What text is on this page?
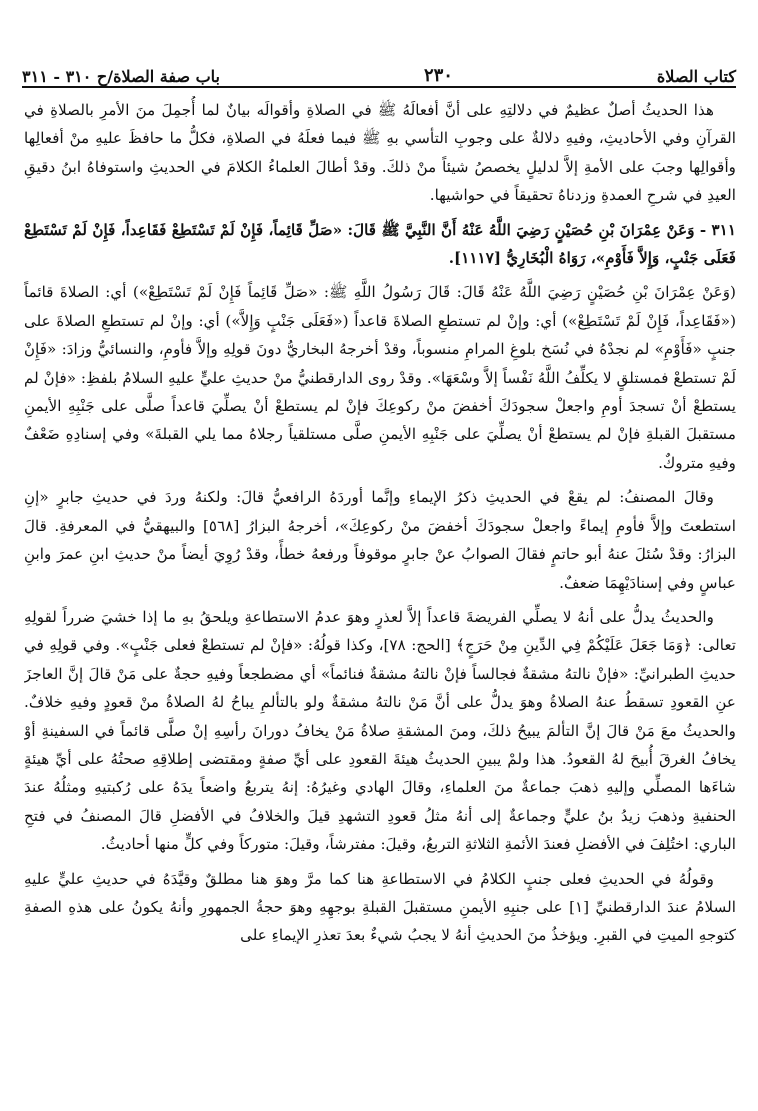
كتاب الصلاة
٢٣٠
باب صفة الصلاة/ح ٣١٠ - ٣١١

هذا الحديثُ أصلٌ عظيمٌ في دلالتِهِ على أنَّ أفعالَهُ ﷺ في الصلاةِ وأقوالَه بيانٌ لما أُجمِلَ منَ الأمرِ بالصلاةِ في القرآنِ وفي الأحاديثِ، وفيهِ دلالةٌ على وجوبِ التأسي بهِ ﷺ فيما فعلَهُ في الصلاةِ، فكلُّ ما حافظَ عليهِ منْ أفعالِها وأقوالِها وجبَ على الأمةِ إلاَّ لدليلٍ يخصصُ شيئاً منْ ذلكَ. وقدْ أطالَ العلماءُ الكلامَ في الحديثِ واستوفاهُ ابنُ دقيقِ العيدِ في شرحِ العمدةِ وزدناهُ تحقيقاً في حواشيها.

٣١١ - وَعَنْ عِمْرَانَ بْنِ حُصَيْنٍ رَضِيَ اللَّهُ عَنْهُ أَنَّ النَّبِيَّ ﷺ قَالَ: «صَلِّ قَائِماً، فَإِنْ لَمْ تَسْتَطِعْ فَقَاعِداً، فَإِنْ لَمْ تَسْتَطِعْ فَعَلَى جَنْبٍ، وَإِلاَّ فَأَوْمِ»، رَوَاهُ الْبُخَارِيُّ [١١١٧].

(وَعَنْ عِمْرَانَ بْنِ حُصَيْنٍ رَضِيَ اللَّهُ عَنْهُ قَالَ: قَالَ رَسُولُ اللَّهِ ﷺ: «صَلِّ قَائِماً فَإِنْ لَمْ تَسْتَطِعْ») أي: الصلاةَ قائماً («فَقَاعِداً، فَإِنْ لَمْ تَسْتَطِعْ») أي: وإنْ لم تستطعِ الصلاةَ قاعداً («فَعَلَى جَنْبٍ وَإِلاَّ») أي: وإنْ لم تستطعِ الصلاةَ على جنبٍ «فَأَوْمِ» لم نجدْهُ في نُسَخ بلوغِ المرامِ منسوباً، وقدْ أخرجهُ البخاريُّ دونَ قولِهِ وإلاَّ فأومِ، والنسائيُّ وزادَ: «فَإِنْ لَمْ تستطعْ فمستلقٍ لا يكلِّفُ اللَّهُ نَفْساً إلاَّ وسْعَهَا». وقدْ روى الدارقطنيُّ منْ حديثِ عليٍّ عليهِ السلامُ بلفظِ: «فإنْ لم يستطعْ أنْ تسجدَ أومِ واجعلْ سجودَكَ أخفضَ منْ ركوعِكَ فإنْ لم يستطعْ أنْ يصلِّيَ قاعداً صلَّى على جَنْبِهِ الأيمنِ مستقبلَ القبلةِ فإنْ لم يستطعْ أنْ يصلِّيَ على جَنْبِهِ الأيمنِ صلَّى مستلقياً رجلاهُ مما يلي القبلةَ» وفي إسنادِهِ ضَعْفٌ وفيهِ متروكٌ.

وقالَ المصنفُ: لم يقعْ في الحديثِ ذكرُ الإيماءِ وإنَّما أوردَهُ الرافعيُّ قالَ: ولكنهُ وردَ في حديثِ جابرٍ «إنِ استطعتَ وإلاَّ فأومِ إيماءً واجعلْ سجودَكَ أخفضَ منْ ركوعِكَ»، أخرجهُ البزارُ [٥٦٨] والبيهقيُّ في المعرفةِ. قالَ البزارُ: وقدْ سُئلَ عنهُ أبو حاتمٍ فقالَ الصوابُ عنْ جابرٍ موقوفاً ورفعهُ خطأً، وقدْ رُوِيَ أيضاً منْ حديثِ ابنِ عمرَ وابنِ عباسٍ وفي إسنادَيْهِمَا ضعفٌ.

والحديثُ يدلُّ على أنهُ لا يصلِّي الفريضةَ قاعداً إلاَّ لعذرٍ وهوَ عدمُ الاستطاعةِ ويلحقُ بهِ ما إذا خشيَ ضرراً لقولِهِ تعالى: ﴿وَمَا جَعَلَ عَلَيْكُمْ فِي الدِّينِ مِنْ حَرَجٍ﴾ [الحج: ٧٨]، وكذا قولُهُ: «فإنْ لم تستطعْ فعلى جَنْبٍ». وفي قولِهِ في حديثِ الطبرانيِّ: «فإنْ نالتهُ مشقةٌ فجالساً فإنْ نالتهُ مشقةٌ فنائماً» أي مضطجعاً وفيهِ حجةٌ على مَنْ قالَ إنَّ العاجزَ عنِ القعودِ تسقطُ عنهُ الصلاةُ وهوَ يدلُّ على أنَّ مَنْ نالتهُ مشقةٌ ولو بالتألمِ يباحُ لهُ الصلاةُ منْ قعودٍ وفيهِ خلافٌ. والحديثُ معَ مَنْ قالَ إنَّ التألمَ يبيحُ ذلكَ، ومنَ المشقةِ صلاةُ مَنْ يخافُ دورانَ رأسِهِ إنْ صلَّى قائماً في السفينةِ أوْ يخافُ الغرقَ أُبيحَ لهُ القعودُ. هذا ولمْ يبينِ الحديثُ هيئةَ القعودِ على أيِّ صفةٍ ومقتضى إطلاقِهِ صحتُهُ على أيِّ هيئةٍ شاءَها المصلِّي وإليهِ ذهبَ جماعةٌ منَ العلماءِ، وقالَ الهادي وغيرُهُ: إنهُ يتربعُ واضعاً يدَهُ على رُكبتيهِ ومثلُهُ عندَ الحنفيةِ وذهبَ زيدُ بنُ عليٍّ وجماعةٌ إلى أنهُ مثلُ قعودِ التشهدِ قيلَ والخلافُ في الأفضلِ قالَ المصنفُ في فتحِ الباري: اختُلِفَ في الأفضلِ فعندَ الأئمةِ الثلاثةِ التربعُ، وقيلَ: مفترشاً، وقيلَ: متوركاً وفي كلٍّ منها أحاديثُ.

وقولُهُ في الحديثِ فعلى جنبٍ الكلامُ في الاستطاعةِ هنا كما مرَّ وهوَ هنا مطلقٌ وقيَّدَهُ في حديثِ عليٍّ عليهِ السلامُ عندَ الدارقطنيِّ [١] على جنبِهِ الأيمنِ مستقبلَ القبلةِ بوجهِهِ وهوَ حجةُ الجمهورِ وأنهُ يكونُ على هذهِ الصفةِ كتوجهِ الميتِ في القبرِ. ويؤخذُ منَ الحديثِ أنهُ لا يجبُ شيءٌ بعدَ تعذرِ الإيماءِ على
